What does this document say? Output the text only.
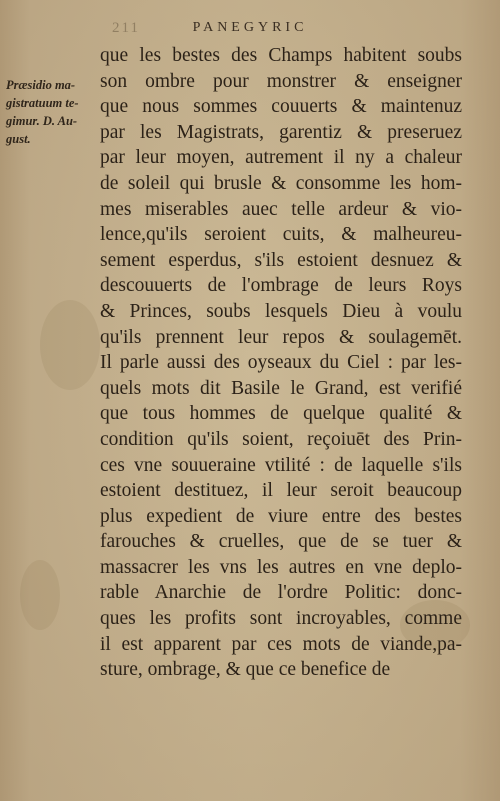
211	PANEGYRIC
Præsidio ma-
gistratuum te-
gimur. D. Au-
gust.
que les bestes des Champs habitent soubs
son ombre pour monstrer & enseigner
que nous sommes couuerts & maintenuz
par les Magistrats, garentiz & preseruez
par leur moyen, autrement il ny a chaleur
de soleil qui brusle & consomme les hom-
mes miserables auec telle ardeur & vio-
lence,qu'ils seroient cuits, & malheureu-
sement esperdus, s'ils estoient desnuez &
descouuerts de l'ombrage de leurs Roys
& Princes, soubs lesquels Dieu à voulu
qu'ils prennent leur repos & soulagemēt.
Il parle aussi des oyseaux du Ciel : par les-
quels mots dit Basile le Grand, est verifié
que tous hommes de quelque qualité &
condition qu'ils soient, reçoiuēt des Prin-
ces vne souueraine vtilité : de laquelle s'ils
estoient destituez, il leur seroit beaucoup
plus expedient de viure entre des bestes
farouches & cruelles, que de se tuer &
massacrer les vns les autres en vne deplo-
rable Anarchie de l'ordre Politic: donc-
ques les profits sont incroyables, comme
il est apparent par ces mots de viande,pa-
sture, ombrage, & que ce benefice de
